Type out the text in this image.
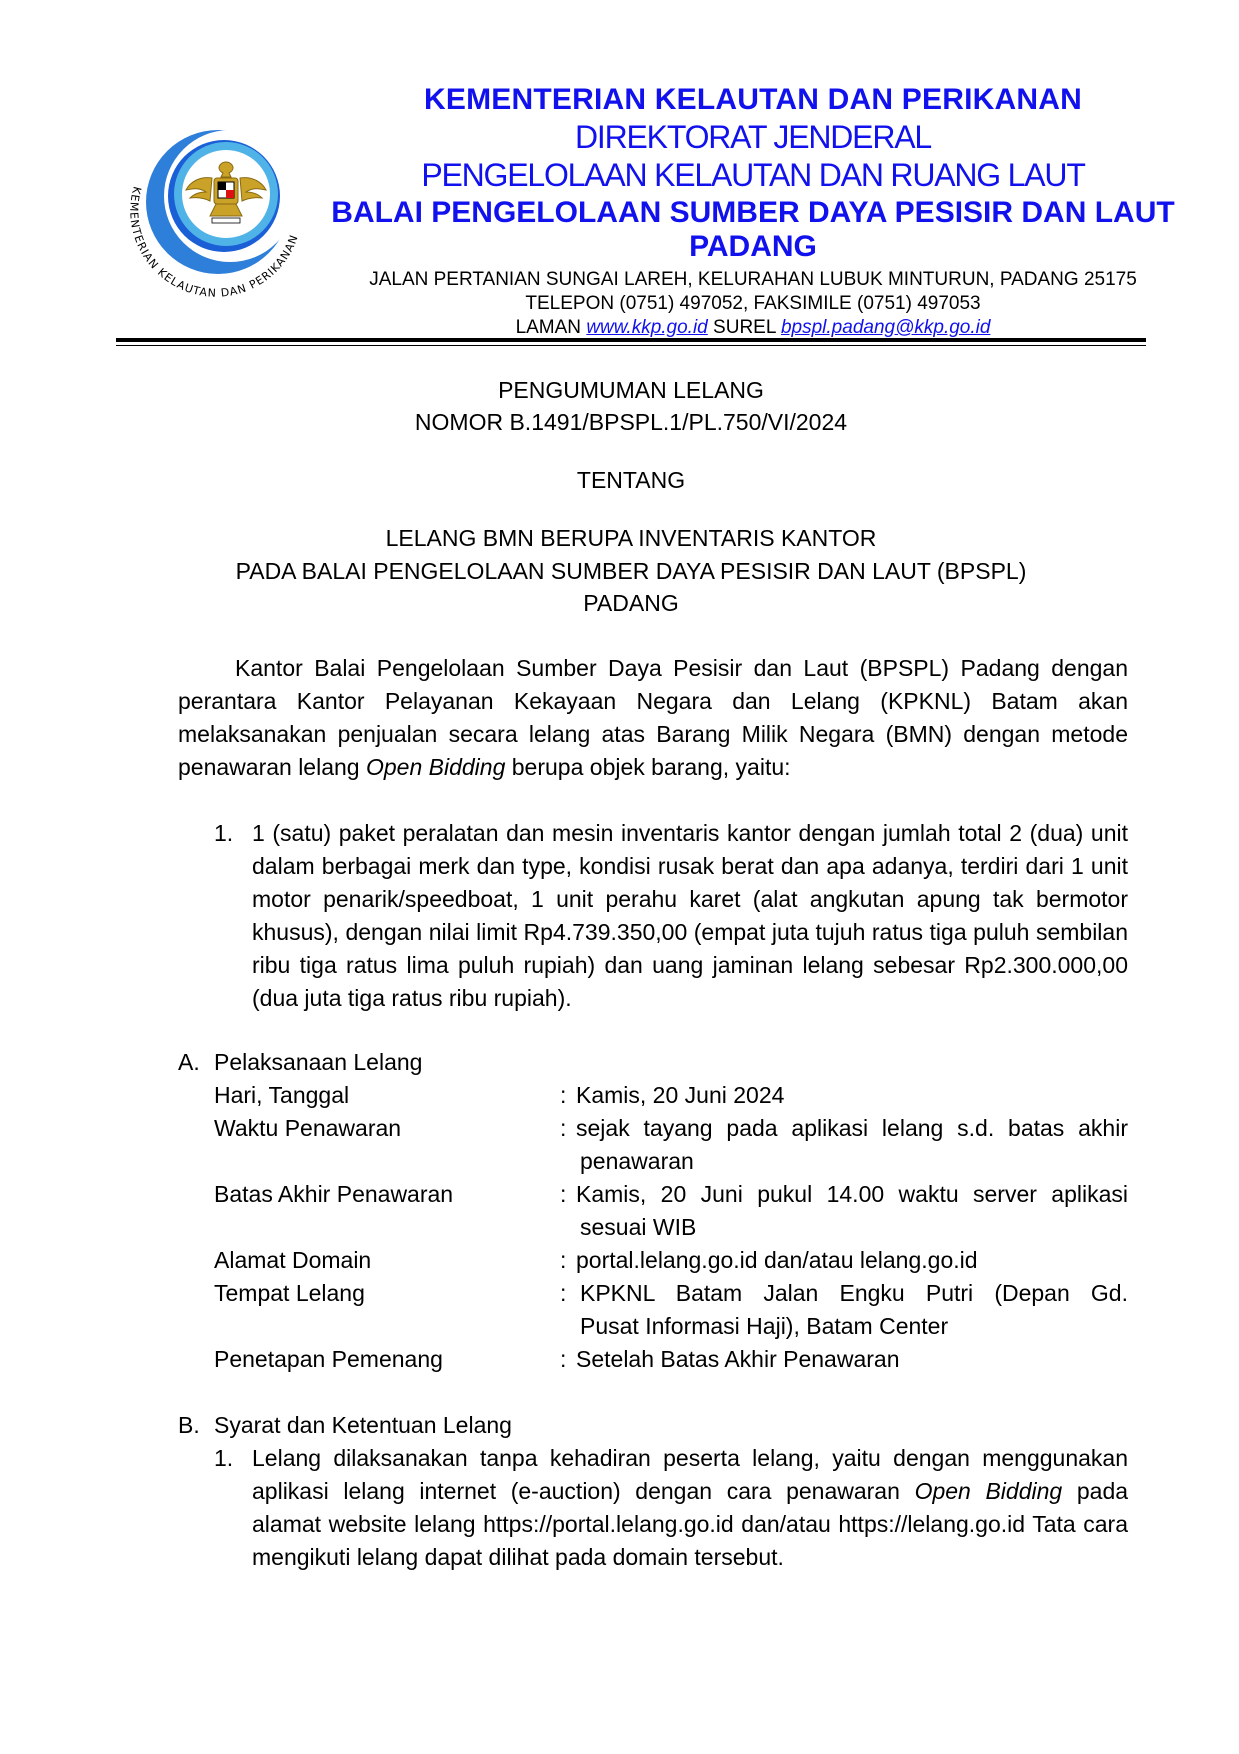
KEMENTERIAN KELAUTAN DAN PERIKANAN
KEMENTERIAN KELAUTAN DAN PERIKANAN
DIREKTORAT JENDERAL
PENGELOLAAN KELAUTAN DAN RUANG LAUT
BALAI PENGELOLAAN SUMBER DAYA PESISIR DAN LAUT
PADANG
JALAN PERTANIAN SUNGAI LAREH, KELURAHAN LUBUK MINTURUN, PADANG 25175
TELEPON (0751) 497052, FAKSIMILE (0751) 497053
LAMAN www.kkp.go.id SUREL bpspl.padang@kkp.go.id
PENGUMUMAN LELANG
NOMOR B.1491/BPSPL.1/PL.750/VI/2024
TENTANG
LELANG BMN BERUPA INVENTARIS KANTOR
PADA BALAI PENGELOLAAN SUMBER DAYA PESISIR DAN LAUT (BPSPL)
PADANG
Kantor Balai Pengelolaan Sumber Daya Pesisir dan Laut (BPSPL) Padang dengan perantara Kantor Pelayanan Kekayaan Negara dan Lelang (KPKNL) Batam akan melaksanakan penjualan secara lelang atas Barang Milik Negara (BMN) dengan metode penawaran lelang Open Bidding berupa objek barang, yaitu:
1. 1 (satu) paket peralatan dan mesin inventaris kantor dengan jumlah total 2 (dua) unit dalam berbagai merk dan type, kondisi rusak berat dan apa adanya, terdiri dari 1 unit motor penarik/speedboat, 1 unit perahu karet (alat angkutan apung tak bermotor khusus), dengan nilai limit Rp4.739.350,00 (empat juta tujuh ratus tiga puluh sembilan ribu tiga ratus lima puluh rupiah) dan uang jaminan lelang sebesar Rp2.300.000,00 (dua juta tiga ratus ribu rupiah).
A. Pelaksanaan Lelang
Hari, Tanggal	: Kamis, 20 Juni 2024
Waktu Penawaran	: sejak tayang pada aplikasi lelang s.d. batas akhir
penawaran
Batas Akhir Penawaran	: Kamis, 20 Juni pukul 14.00 waktu server aplikasi
sesuai WIB
Alamat Domain	: portal.lelang.go.id dan/atau lelang.go.id
Tempat Lelang	: KPKNL Batam Jalan Engku Putri (Depan Gd.
Pusat Informasi Haji), Batam Center
Penetapan Pemenang	: Setelah Batas Akhir Penawaran
B. Syarat dan Ketentuan Lelang
1. Lelang dilaksanakan tanpa kehadiran peserta lelang, yaitu dengan menggunakan aplikasi lelang internet (e-auction) dengan cara penawaran Open Bidding pada alamat website lelang https://portal.lelang.go.id dan/atau https://lelang.go.id Tata cara mengikuti lelang dapat dilihat pada domain tersebut.
